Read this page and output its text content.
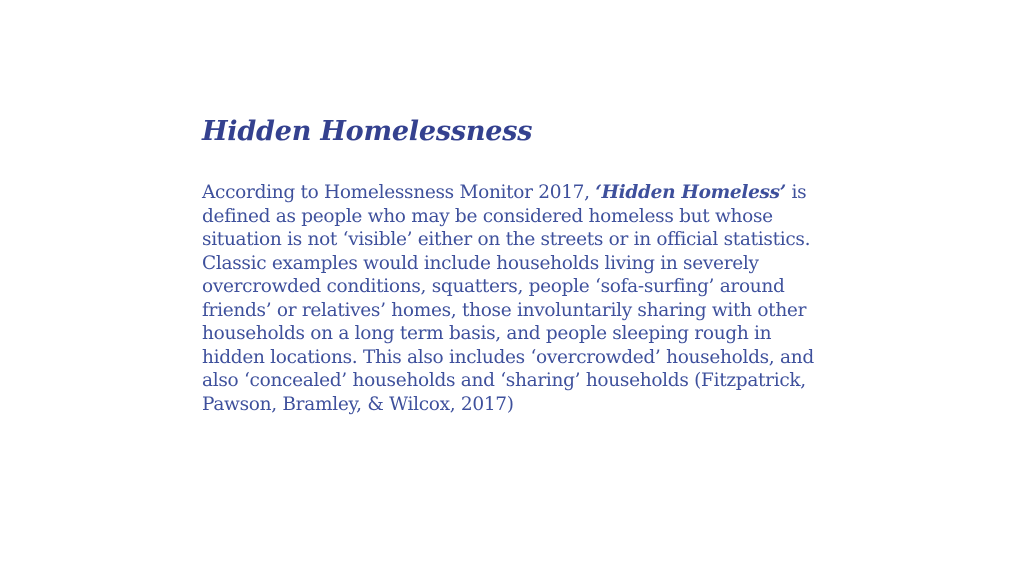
Hidden Homelessness

According to Homelessness Monitor 2017, ‘Hidden Homeless’ is defined as people who may be considered homeless but whose situation is not ‘visible’ either on the streets or in official statistics. Classic examples would include households living in severely overcrowded conditions, squatters, people ‘sofa-surfing’ around friends’ or relatives’ homes, those involuntarily sharing with other households on a long term basis, and people sleeping rough in hidden locations. This also includes ‘overcrowded’ households, and also ‘concealed’ households and ‘sharing’ households (Fitzpatrick, Pawson, Bramley, & Wilcox, 2017)
